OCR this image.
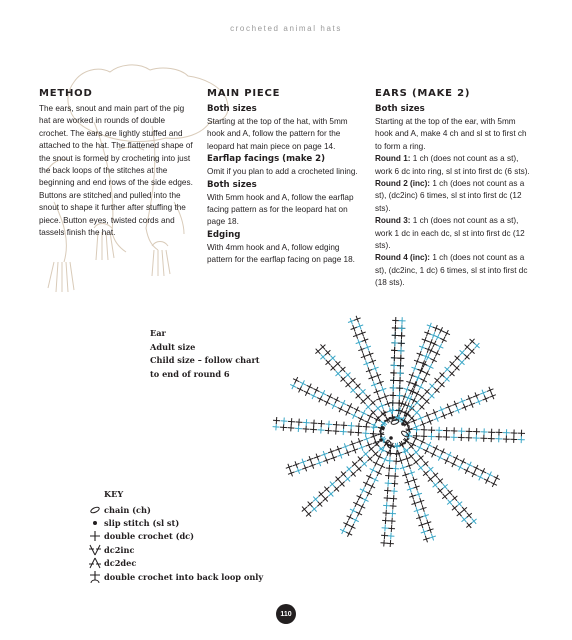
crocheted animal hats

METHOD

The ears, snout and main part of the pig hat are worked in rounds of double crochet. The ears are lightly stuffed and attached to the hat. The flattened shape of the snout is formed by crocheting into just the back loops of the stitches at the beginning and end rows of the side edges. Buttons are stitched and pulled into the snout to shape it further after stuffing the piece. Button eyes, twisted cords and tassels finish the hat.

MAIN PIECE

Both sizes

Starting at the top of the hat, with 5mm hook and A, follow the pattern for the leopard hat main piece on page 14.

Earflap facings (make 2)

Omit if you plan to add a crocheted lining.

Both sizes

With 5mm hook and A, follow the earflap facing pattern as for the leopard hat on page 18.

Edging

With 4mm hook and A, follow edging pattern for the earflap facing on page 18.

EARS (MAKE 2)

Both sizes

Starting at the top of the ear, with 5mm hook and A, make 4 ch and sl st to first ch to form a ring.

Round 1: 1 ch (does not count as a st), work 6 dc into ring, sl st into first dc (6 sts).

Round 2 (inc): 1 ch (does not count as a st), (dc2inc) 6 times, sl st into first dc (12 sts).

Round 3: 1 ch (does not count as a st), work 1 dc in each dc, sl st into first dc (12 sts).

Round 4 (inc): 1 ch (does not count as a st), (dc2inc, 1 dc) 6 times, sl st into first dc (18 sts).

Ear
Adult size
Child size – follow chart
to end of round 6
KEY
chain (ch)
slip stitch (sl st)
double crochet (dc)
dc2inc
dc2dec
double crochet into back loop only
110
